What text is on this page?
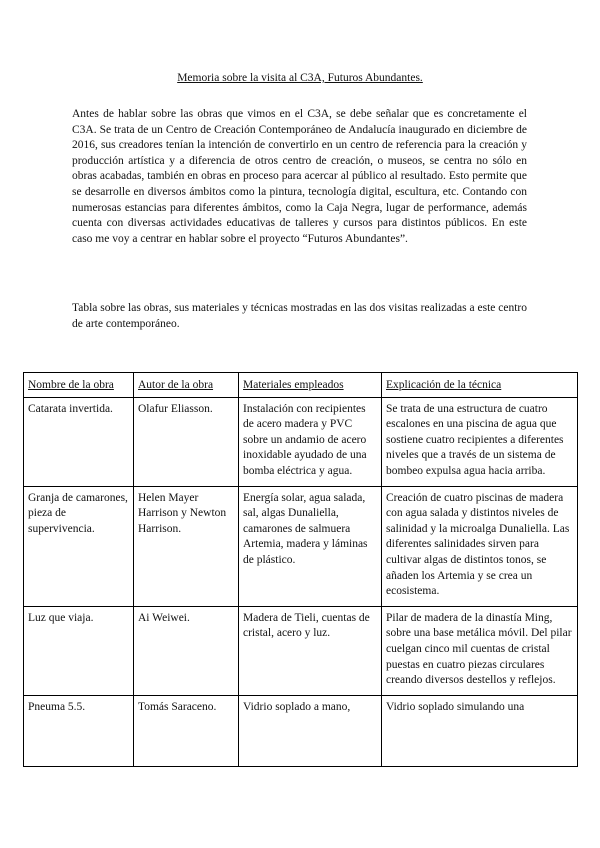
Memoria sobre la visita al C3A, Futuros Abundantes.

Antes de hablar sobre las obras que vimos en el C3A, se debe señalar que es concretamente el C3A. Se trata de un Centro de Creación Contemporáneo de Andalucía inaugurado en diciembre de 2016, sus creadores tenían la intención de convertirlo en un centro de referencia para la creación y producción artística y a diferencia de otros centro de creación, o museos, se centra no sólo en obras acabadas, también en obras en proceso para acercar al público al resultado. Esto permite que se desarrolle en diversos ámbitos como la pintura, tecnología digital, escultura, etc. Contando con numerosas estancias para diferentes ámbitos, como la Caja Negra, lugar de performance, además cuenta con diversas actividades educativas de talleres y cursos para distintos públicos. En este caso me voy a centrar en hablar sobre el proyecto “Futuros Abundantes”.

Tabla sobre las obras, sus materiales y técnicas mostradas en las dos visitas realizadas a este centro de arte contemporáneo.

Nombre de la obra	Autor de la obra	Materiales empleados	Explicación de la técnica
Catarata invertida.	Olafur Eliasson.	Instalación con recipientes de acero madera y PVC sobre un andamio de acero inoxidable ayudado de una bomba eléctrica y agua.	Se trata de una estructura de cuatro escalones en una piscina de agua que sostiene cuatro recipientes a diferentes niveles que a través de un sistema de bombeo expulsa agua hacia arriba.
Granja de camarones, pieza de supervivencia.	Helen Mayer Harrison y Newton Harrison.	Energía solar, agua salada, sal, algas Dunaliella, camarones de salmuera Artemia, madera y láminas de plástico.	Creación de cuatro piscinas de madera con agua salada y distintos niveles de salinidad y la microalga Dunaliella. Las diferentes salinidades sirven para cultivar algas de distintos tonos, se añaden los Artemia y se crea un ecosistema.
Luz que viaja.	Ai Weiwei.	Madera de Tieli, cuentas de cristal, acero y luz.	Pilar de madera de la dinastía Ming, sobre una base metálica móvil. Del pilar cuelgan cinco mil cuentas de cristal puestas en cuatro piezas circulares creando diversos destellos y reflejos.
Pneuma 5.5.	Tomás Saraceno.	Vidrio soplado a mano,	Vidrio soplado simulando una
